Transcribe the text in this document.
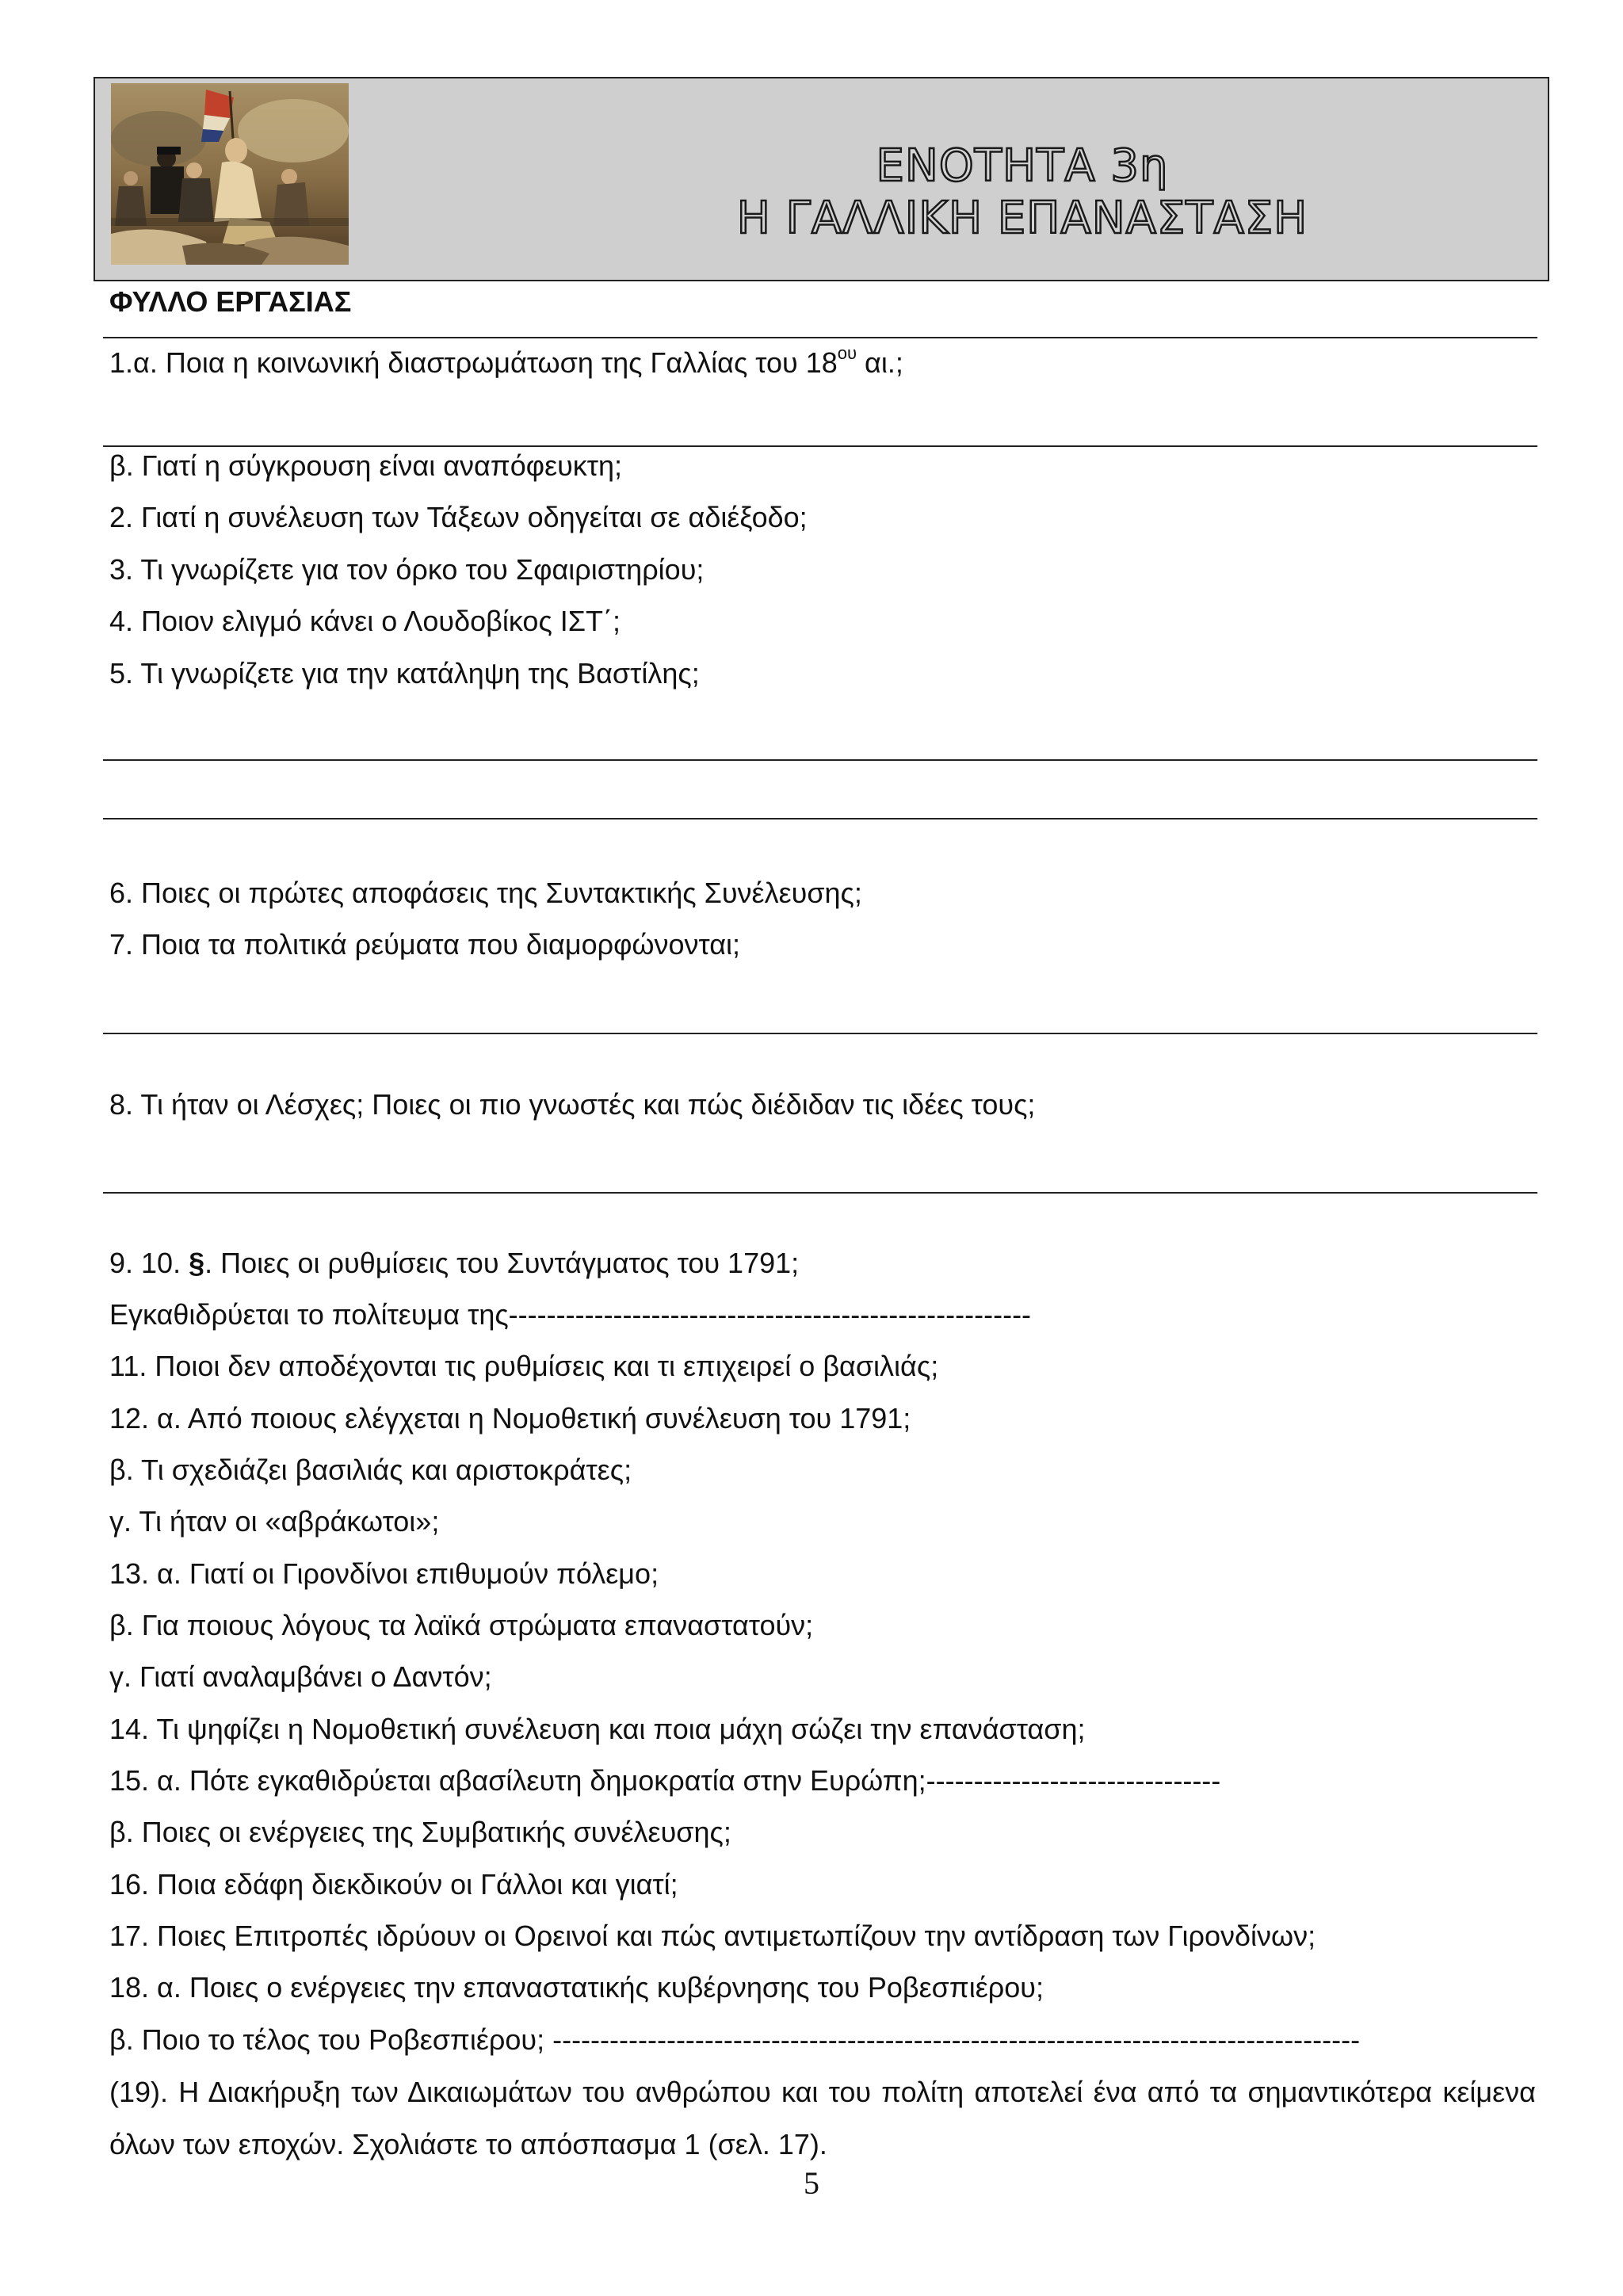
ΕΝΟΤΗΤΑ 3η
Η ΓΑΛΛΙΚΗ ΕΠΑΝΑΣΤΑΣΗ
ΦΥΛΛΟ ΕΡΓΑΣΙΑΣ
1.α. Ποια η κοινωνική διαστρωμάτωση της Γαλλίας του $18^{o\upsilon}$ αι.;
β. Γιατί η σύγκρουση είναι αναπόφευκτη;
2. Γιατί η συνέλευση των Τάξεων οδηγείται σε αδιέξοδο;
3. Τι γνωρίζετε για τον όρκο του Σφαιριστηρίου;
4. Ποιον ελιγμό κάνει ο Λουδοβίκος ΙΣΤ΄;
5. Τι γνωρίζετε για την κατάληψη της Βαστίλης;
6. Ποιες οι πρώτες αποφάσεις της Συντακτικής Συνέλευσης;
7. Ποια τα πολιτικά ρεύματα που διαμορφώνονται;
8. Τι ήταν οι Λέσχες; Ποιες οι πιο γνωστές και πώς διέδιδαν τις ιδέες τους;
9. 10. §. Ποιες οι ρυθμίσεις του Συντάγματος του 1791;
Εγκαθιδρύεται το πολίτευμα της-------------------------------------------------------
11. Ποιοι δεν αποδέχονται τις ρυθμίσεις και τι επιχειρεί ο βασιλιάς;
12. α. Από ποιους ελέγχεται η Νομοθετική συνέλευση του 1791;
β. Τι σχεδιάζει βασιλιάς και αριστοκράτες;
γ. Τι ήταν οι «αβράκωτοι»;
13. α. Γιατί οι Γιρονδίνοι επιθυμούν πόλεμο;
β. Για ποιους λόγους τα λαϊκά στρώματα επαναστατούν;
γ. Γιατί αναλαμβάνει ο Δαντόν;
14. Τι ψηφίζει η Νομοθετική συνέλευση και ποια μάχη σώζει την επανάσταση;
15. α. Πότε εγκαθιδρύεται αβασίλευτη δημοκρατία στην Ευρώπη;-------------------------------
β. Ποιες οι ενέργειες της Συμβατικής συνέλευσης;
16. Ποια εδάφη διεκδικούν οι Γάλλοι και γιατί;
17. Ποιες Επιτροπές ιδρύουν οι Ορεινοί και πώς αντιμετωπίζουν την αντίδραση των Γιρονδίνων;
18. α. Ποιες ο ενέργειες την επαναστατικής κυβέρνησης του Ροβεσπιέρου;
β. Ποιο το τέλος του Ροβεσπιέρου; -------------------------------------------------------------------------------------
(19). Η Διακήρυξη των Δικαιωμάτων του ανθρώπου και του πολίτη αποτελεί ένα από τα σημαντικότερα κείμενα όλων των εποχών. Σχολιάστε το απόσπασμα 1 (σελ. 17).
5
